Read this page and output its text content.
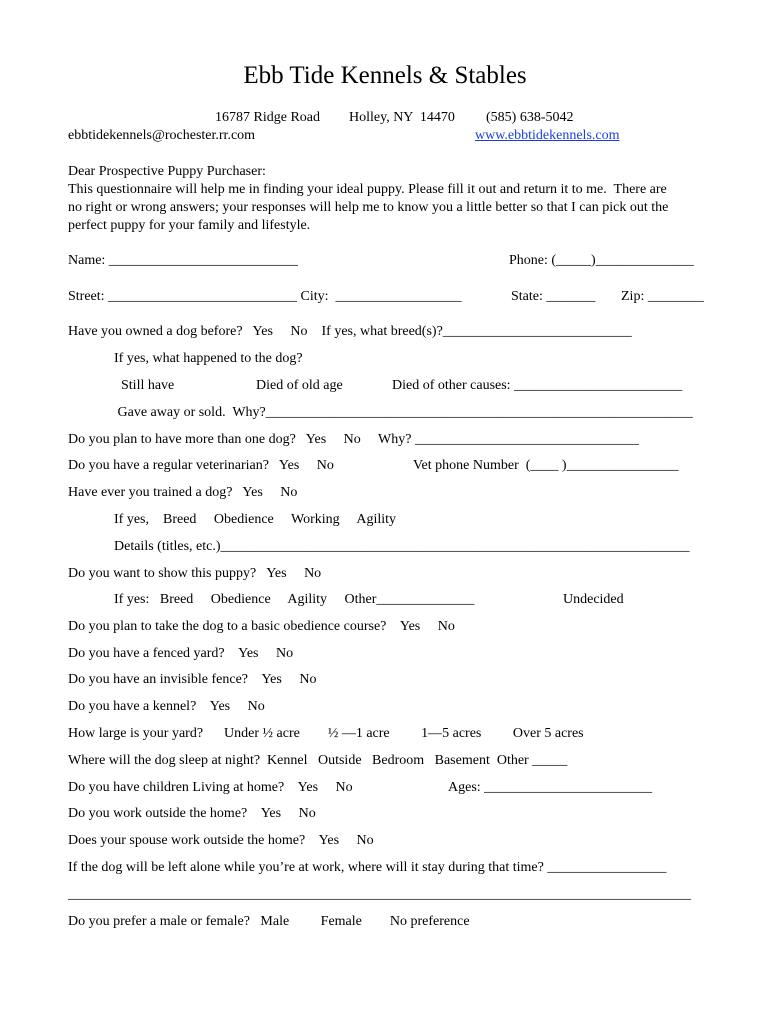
Ebb Tide Kennels & Stables
16787 Ridge Road Holley, NY  14470 (585) 638-5042
ebbtidekennels@rochester.rr.com	www.ebbtidekennels.com
Dear Prospective Puppy Purchaser:
This questionnaire will help me in finding your ideal puppy. Please fill it out and return it to me.  There are
no right or wrong answers; your responses will help me to know you a little better so that I can pick out the
perfect puppy for your family and lifestyle.
Name: ___________________________	Phone: (_____)______________
Street: ___________________________ City:  __________________	State: _______ Zip: ________
Have you owned a dog before?   Yes     No    If yes, what breed(s)?___________________________
If yes, what happened to the dog?
Still have	Died of old age	Died of other causes: ________________________
Gave away or sold.  Why?_____________________________________________________________
Do you plan to have more than one dog?   Yes     No     Why? ________________________________
Do you have a regular veterinarian?   Yes     No	Vet phone Number  (____ )________________
Have ever you trained a dog?   Yes     No
If yes,    Breed     Obedience     Working     Agility
Details (titles, etc.)___________________________________________________________________
Do you want to show this puppy?   Yes     No
If yes:   Breed     Obedience     Agility     Other______________	Undecided
Do you plan to take the dog to a basic obedience course?    Yes     No
Do you have a fenced yard?    Yes     No
Do you have an invisible fence?    Yes     No
Do you have a kennel?    Yes     No
How large is your yard?      Under ½ acre        ½ —1 acre         1—5 acres         Over 5 acres
Where will the dog sleep at night?  Kennel   Outside   Bedroom   Basement  Other _____
Do you have children Living at home?    Yes     No	Ages: ________________________
Do you work outside the home?    Yes     No
Does your spouse work outside the home?    Yes     No
If the dog will be left alone while you’re at work, where will it stay during that time? _________________
_________________________________________________________________________________________
Do you prefer a male or female?   Male         Female        No preference
